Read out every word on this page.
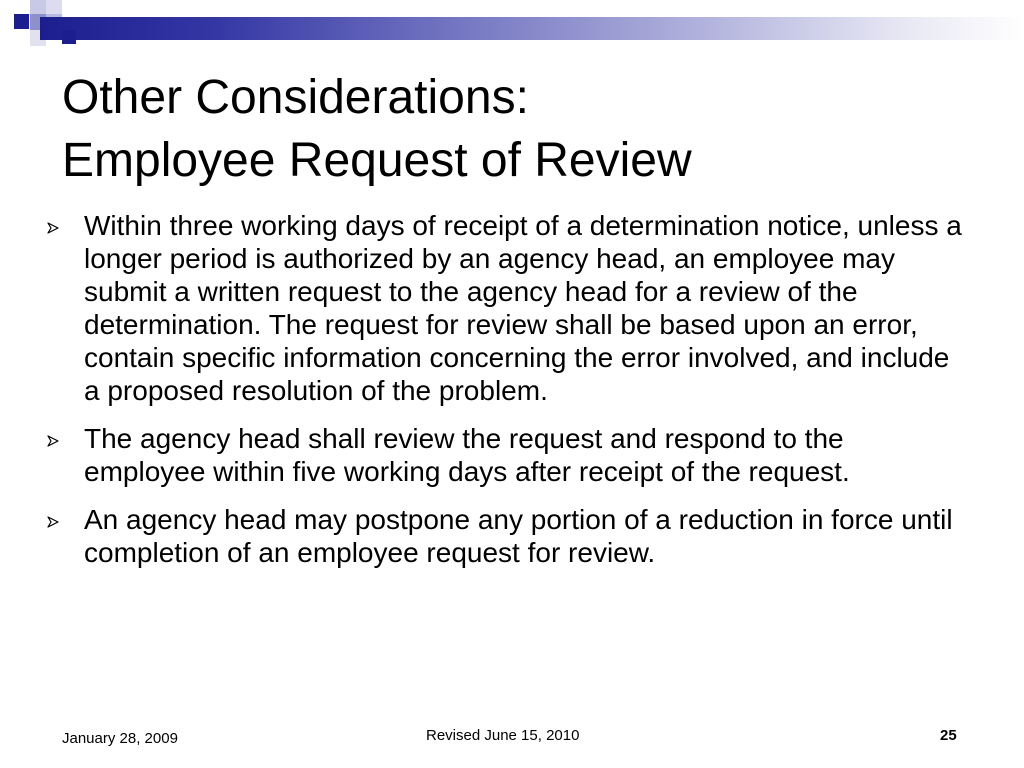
Other Considerations:
Employee Request of Review
Within three working days of receipt of a determination notice, unless a longer period is authorized by an agency head, an employee may submit a written request to the agency head for a review of the determination. The request for review shall be based upon an error, contain specific information concerning the error involved, and include a proposed resolution of the problem.
The agency head shall review the request and respond to the employee within five working days after receipt of the request.
An agency head may postpone any portion of a reduction in force until completion of an employee request for review.
January 28, 2009	Revised June 15, 2010	25
